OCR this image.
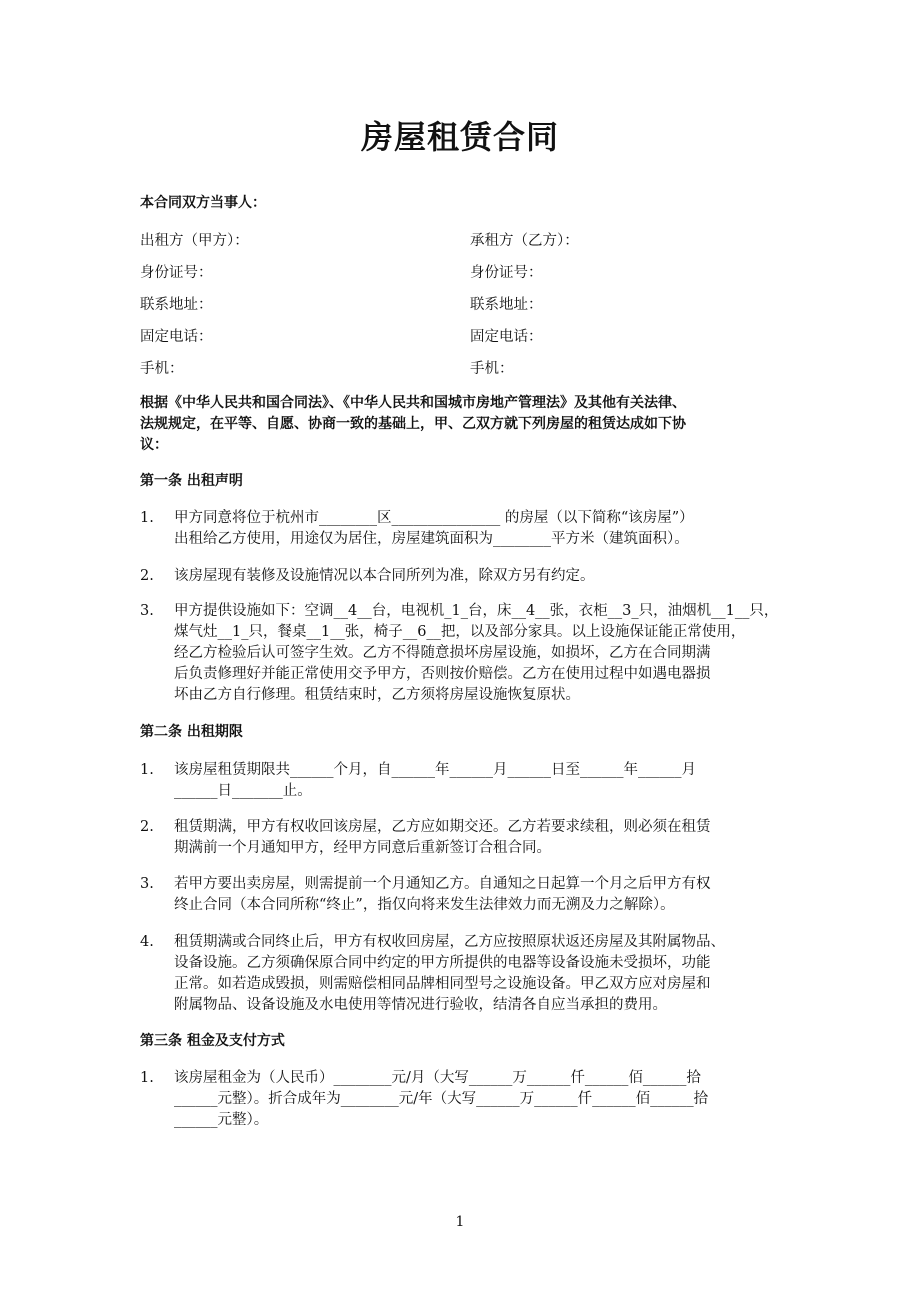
房屋租赁合同
本合同双方当事人：
出租方（甲方）：	承租方（乙方）：
身份证号：	身份证号：
联系地址：	联系地址：
固定电话：	固定电话：
手机：	手机：
根据《中华人民共和国合同法》、《中华人民共和国城市房地产管理法》及其他有关法律、
法规规定，在平等、自愿、协商一致的基础上，甲、乙双方就下列房屋的租赁达成如下协
议：
第一条 出租声明
1. 甲方同意将位于杭州市________区_______________ 的房屋（以下简称“该房屋”）
出租给乙方使用，用途仅为居住，房屋建筑面积为________平方米（建筑面积）。
2. 该房屋现有装修及设施情况以本合同所列为准，除双方另有约定。
3. 甲方提供设施如下：空调__4__台，电视机_1_台，床__4__张，衣柜__3_只，油烟机__1__只，
煤气灶__1_只，餐桌__1__张，椅子__6__把，以及部分家具。以上设施保证能正常使用，
经乙方检验后认可签字生效。乙方不得随意损坏房屋设施，如损坏，乙方在合同期满
后负责修理好并能正常使用交予甲方，否则按价赔偿。乙方在使用过程中如遇电器损
坏由乙方自行修理。租赁结束时，乙方须将房屋设施恢复原状。
第二条 出租期限
1. 该房屋租赁期限共______个月，自______年______月______日至______年______月
______日_______止。
2. 租赁期满，甲方有权收回该房屋，乙方应如期交还。乙方若要求续租，则必须在租赁
期满前一个月通知甲方，经甲方同意后重新签订合租合同。
3. 若甲方要出卖房屋，则需提前一个月通知乙方。自通知之日起算一个月之后甲方有权
终止合同（本合同所称“终止”，指仅向将来发生法律效力而无溯及力之解除）。
4. 租赁期满或合同终止后，甲方有权收回房屋，乙方应按照原状返还房屋及其附属物品、
设备设施。乙方须确保原合同中约定的甲方所提供的电器等设备设施未受损坏，功能
正常。如若造成毁损，则需赔偿相同品牌相同型号之设施设备。甲乙双方应对房屋和
附属物品、设备设施及水电使用等情况进行验收，结清各自应当承担的费用。
第三条 租金及支付方式
1. 该房屋租金为（人民币）________元/月（大写______万______仟______佰______拾
______元整）。折合成年为________元/年（大写______万______仟______佰______拾
______元整）。
1
